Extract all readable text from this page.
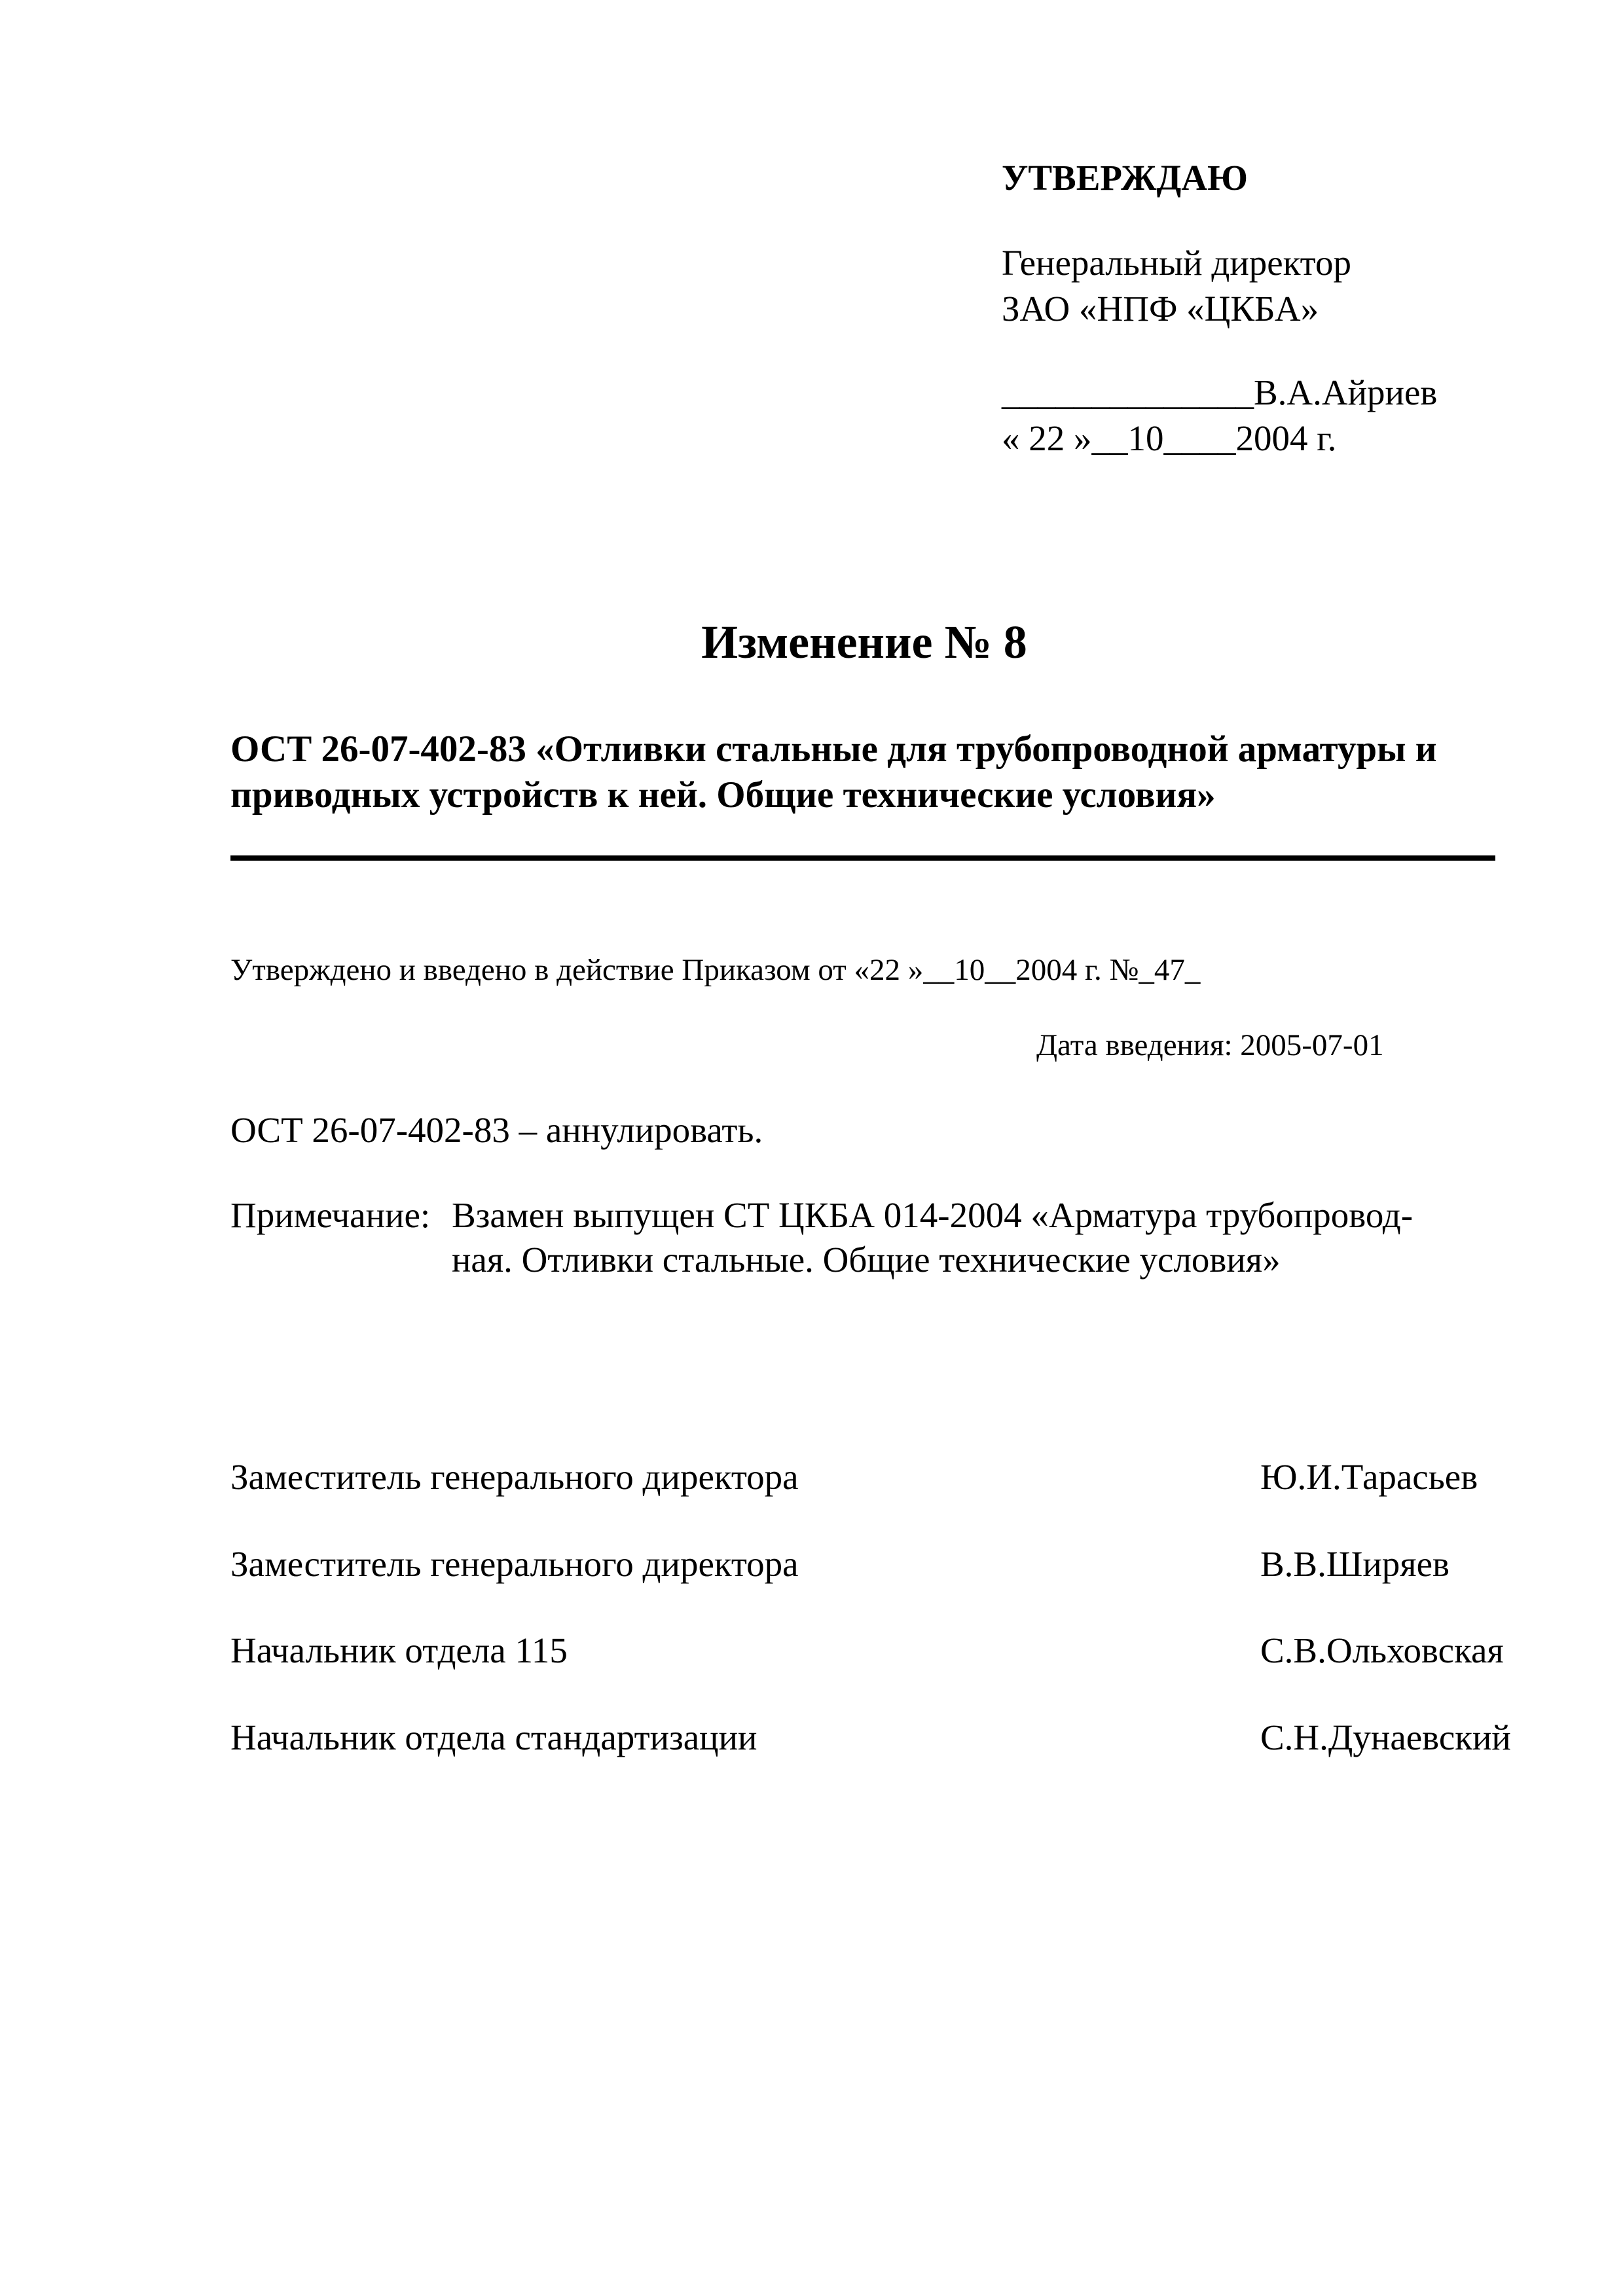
УТВЕРЖДАЮ
Генеральный директор
ЗАО «НПФ «ЦКБА»
______________В.А.Айриев
« 22 »__10____2004 г.
Изменение № 8
ОСТ 26-07-402-83 «Отливки стальные для трубопроводной арматуры и приводных устройств к ней. Общие технические условия»
Утверждено и введено в действие Приказом от «22 »__10__2004 г. №_47_
Дата введения: 2005-07-01
ОСТ 26-07-402-83 – аннулировать.
Примечание: Взамен выпущен СТ ЦКБА 014-2004 «Арматура трубопровод-
ная. Отливки стальные. Общие технические условия»
Заместитель генерального директора	Ю.И.Тарасьев
Заместитель генерального директора	В.В.Ширяев
Начальник отдела 115	С.В.Ольховская
Начальник отдела стандартизации	С.Н.Дунаевский
